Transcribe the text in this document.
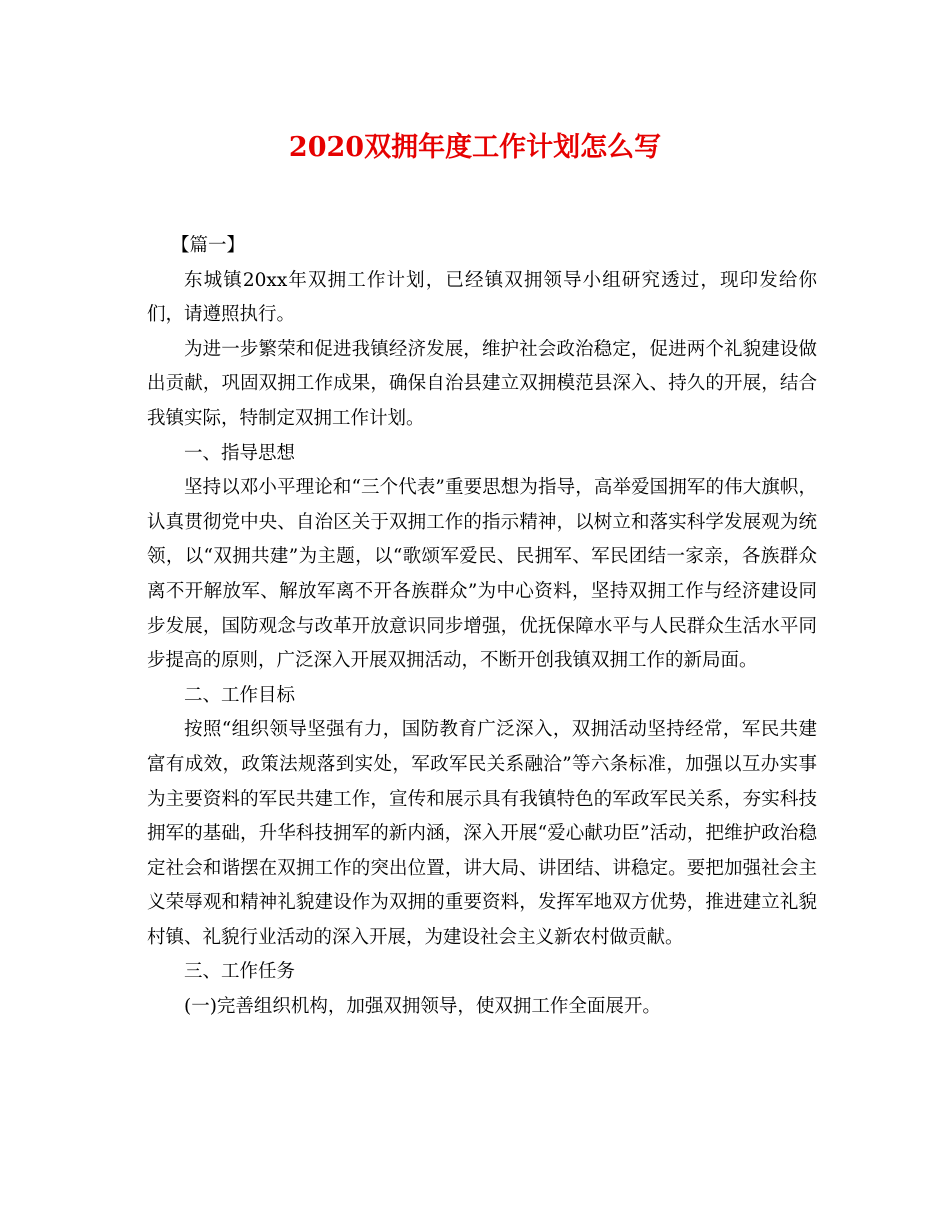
2020双拥年度工作计划怎么写

【篇一】

东城镇20xx年双拥工作计划，已经镇双拥领导小组研究透过，现印发给你们，请遵照执行。

为进一步繁荣和促进我镇经济发展，维护社会政治稳定，促进两个礼貌建设做出贡献，巩固双拥工作成果，确保自治县建立双拥模范县深入、持久的开展，结合我镇实际，特制定双拥工作计划。

一、指导思想

坚持以邓小平理论和“三个代表”重要思想为指导，高举爱国拥军的伟大旗帜，认真贯彻党中央、自治区关于双拥工作的指示精神，以树立和落实科学发展观为统领，以“双拥共建”为主题，以“歌颂军爱民、民拥军、军民团结一家亲，各族群众离不开解放军、解放军离不开各族群众”为中心资料，坚持双拥工作与经济建设同步发展，国防观念与改革开放意识同步增强，优抚保障水平与人民群众生活水平同步提高的原则，广泛深入开展双拥活动，不断开创我镇双拥工作的新局面。

二、工作目标

按照“组织领导坚强有力，国防教育广泛深入，双拥活动坚持经常，军民共建富有成效，政策法规落到实处，军政军民关系融洽”等六条标准，加强以互办实事为主要资料的军民共建工作，宣传和展示具有我镇特色的军政军民关系，夯实科技拥军的基础，升华科技拥军的新内涵，深入开展“爱心献功臣”活动，把维护政治稳定社会和谐摆在双拥工作的突出位置，讲大局、讲团结、讲稳定。要把加强社会主义荣辱观和精神礼貌建设作为双拥的重要资料，发挥军地双方优势，推进建立礼貌村镇、礼貌行业活动的深入开展，为建设社会主义新农村做贡献。

三、工作任务

(一)完善组织机构，加强双拥领导，使双拥工作全面展开。
